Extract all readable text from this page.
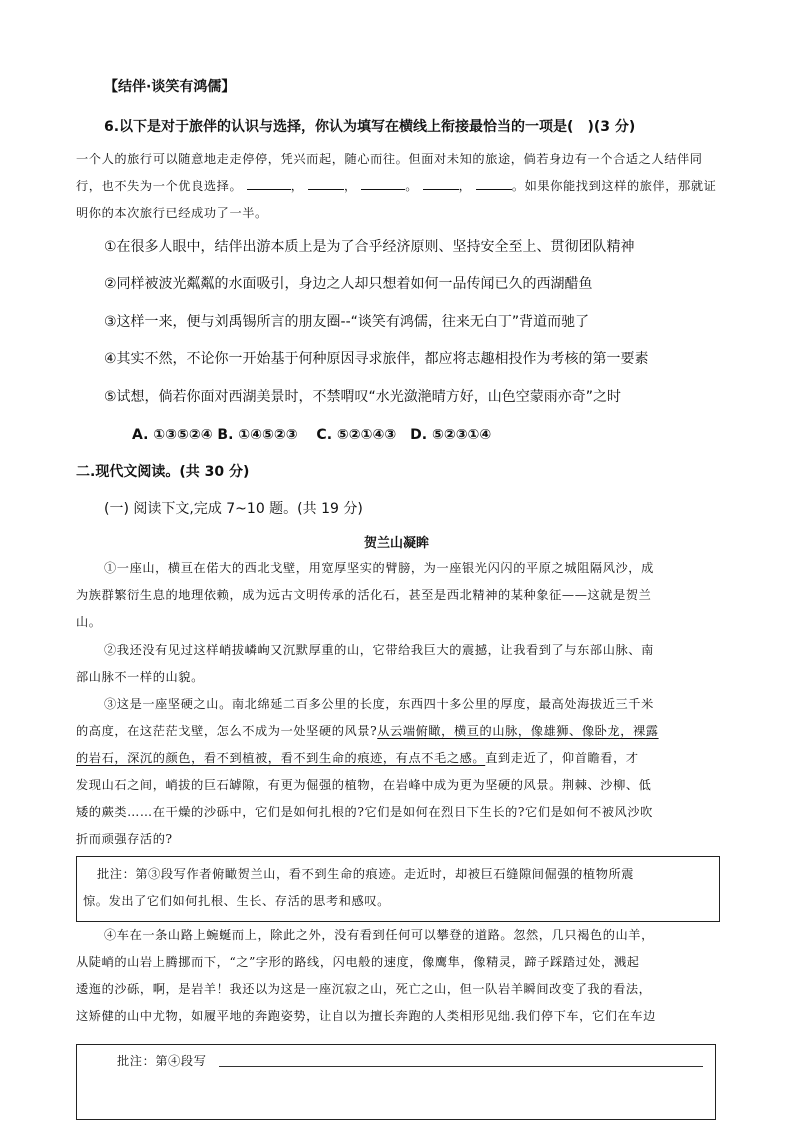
【结伴·谈笑有鸿儒】
6.以下是对于旅伴的认识与选择，你认为填写在横线上衔接最恰当的一项是(　)(3 分)
一个人的旅行可以随意地走走停停，凭兴而起，随心而往。但面对未知的旅途，倘若身边有一个合适之人结伴同行，也不失为一个优良选择。	，	，	。	，	。如果你能找到这样的旅伴，那就证明你的本次旅行已经成功了一半。
①在很多人眼中，结伴出游本质上是为了合乎经济原则、坚持安全至上、贯彻团队精神
②同样被波光粼粼的水面吸引，身边之人却只想着如何一品传闻已久的西湖醋鱼
③这样一来，便与刘禹锡所言的朋友圈--“谈笑有鸿儒，往来无白丁”背道而驰了
④其实不然，不论你一开始基于何种原因寻求旅伴，都应将志趣相投作为考核的第一要素
⑤试想，倘若你面对西湖美景时，不禁喟叹“水光潋滟晴方好，山色空蒙雨亦奇”之时
A. ①③⑤②④ B. ①④⑤②③　 C. ⑤②①④③　D. ⑤②③①④
二.现代文阅读。(共 30 分)
(一) 阅读下文,完成 7~10 题。(共 19 分)
贺兰山凝眸
①一座山，横亘在偌大的西北戈壁，用宽厚坚实的臂膀，为一座银光闪闪的平原之城阻隔风沙，成
为族群繁衍生息的地理依赖，成为远古文明传承的活化石，甚至是西北精神的某种象征——这就是贺兰
山。
②我还没有见过这样峭拔嶙峋又沉默厚重的山，它带给我巨大的震撼，让我看到了与东部山脉、南
部山脉不一样的山貌。
③这是一座坚硬之山。南北绵延二百多公里的长度，东西四十多公里的厚度，最高处海拔近三千米
的高度，在这茫茫戈壁，怎么不成为一处坚硬的风景?从云端俯瞰，横亘的山脉，像雄狮、像卧龙，裸露
的岩石，深沉的颜色，看不到植被，看不到生命的痕迹，有点不毛之感。直到走近了，仰首瞻看，才
发现山石之间，峭拔的巨石罅隙，有更为倔强的植物，在岩峰中成为更为坚硬的风景。荆棘、沙柳、低
矮的蕨类……在干燥的沙砾中，它们是如何扎根的?它们是如何在烈日下生长的?它们是如何不被风沙吹
折而顽强存活的?
批注：第③段写作者俯瞰贺兰山，看不到生命的痕迹。走近时，却被巨石缝隙间倔强的植物所震
惊。发出了它们如何扎根、生长、存活的思考和感叹。
④车在一条山路上蜿蜒而上，除此之外，没有看到任何可以攀登的道路。忽然，几只褐色的山羊，
从陡峭的山岩上腾挪而下，“之”字形的路线，闪电般的速度，像鹰隼，像精灵，蹄子踩踏过处，溅起
逶迤的沙砾，啊，是岩羊！我还以为这是一座沉寂之山，死亡之山，但一队岩羊瞬间改变了我的看法，
这矫健的山中尤物，如履平地的奔跑姿势，让自以为擅长奔跑的人类相形见绌.我们停下车，它们在车边
批注：第④段写
